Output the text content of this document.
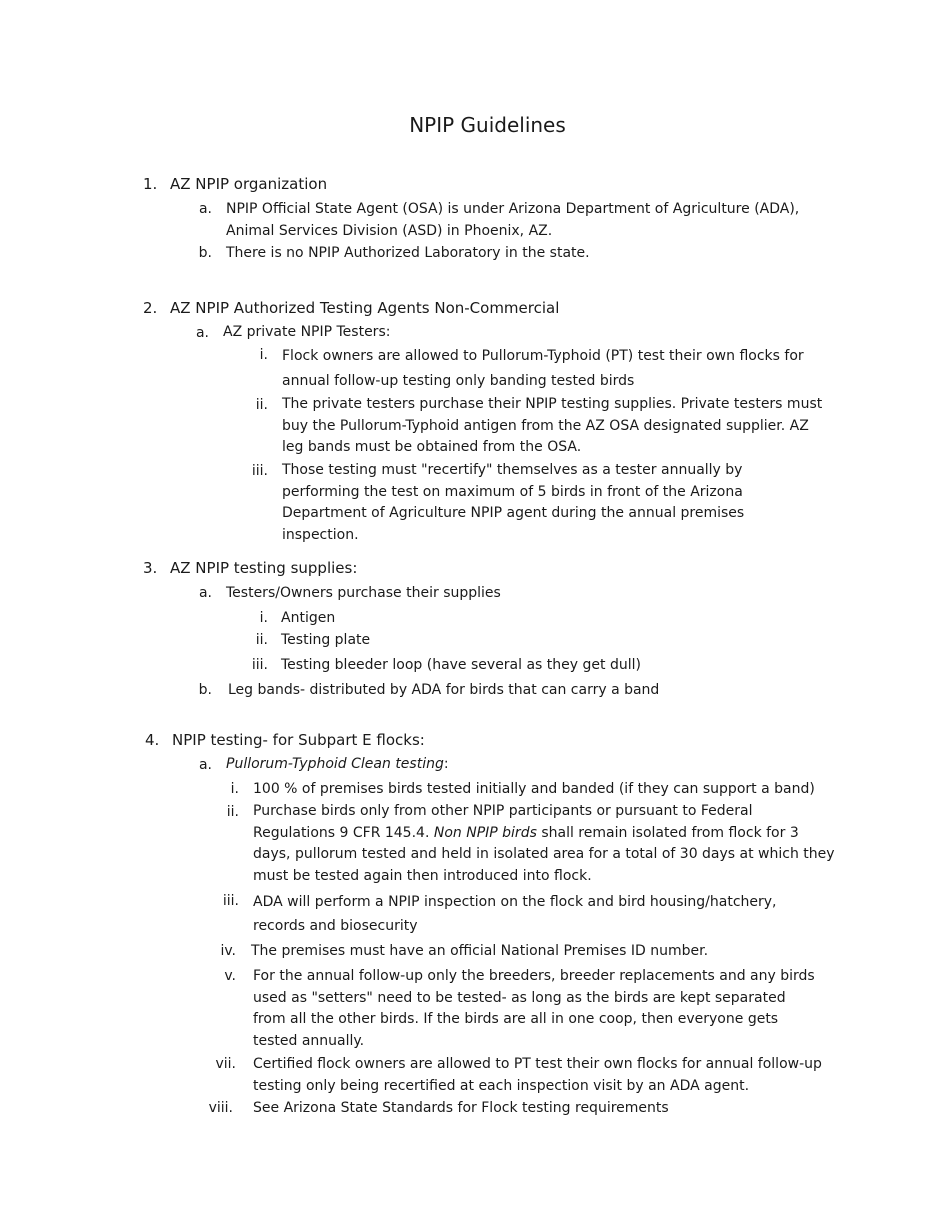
NPIP Guidelines
1. AZ NPIP organization
a. NPIP Official State Agent (OSA) is under Arizona Department of Agriculture (ADA), Animal Services Division (ASD) in Phoenix, AZ.
b. There is no NPIP Authorized Laboratory in the state.
2. AZ NPIP Authorized Testing Agents Non-Commercial
a. AZ private NPIP Testers:
i. Flock owners are allowed to Pullorum-Typhoid (PT) test their own flocks for annual follow-up testing only banding tested birds
ii. The private testers purchase their NPIP testing supplies. Private testers must buy the Pullorum-Typhoid antigen from the AZ OSA designated supplier. AZ leg bands must be obtained from the OSA.
iii. Those testing must "recertify" themselves as a tester annually by performing the test on maximum of 5 birds in front of the Arizona Department of Agriculture NPIP agent during the annual premises inspection.
3. AZ NPIP testing supplies:
a. Testers/Owners purchase their supplies
i. Antigen
ii. Testing plate
iii. Testing bleeder loop (have several as they get dull)
b. Leg bands- distributed by ADA for birds that can carry a band
4. NPIP testing- for Subpart E flocks:
a. Pullorum-Typhoid Clean testing:
i. 100 % of premises birds tested initially and banded (if they can support a band)
ii. Purchase birds only from other NPIP participants or pursuant to Federal Regulations 9 CFR 145.4. Non NPIP birds shall remain isolated from flock for 3 days, pullorum tested and held in isolated area for a total of 30 days at which they must be tested again then introduced into flock.
iii. ADA will perform a NPIP inspection on the flock and bird housing/hatchery, records and biosecurity
iv. The premises must have an official National Premises ID number.
v. For the annual follow-up only the breeders, breeder replacements and any birds used as "setters" need to be tested- as long as the birds are kept separated from all the other birds. If the birds are all in one coop, then everyone gets tested annually.
vii. Certified flock owners are allowed to PT test their own flocks for annual follow-up testing only being recertified at each inspection visit by an ADA agent.
viii. See Arizona State Standards for Flock testing requirements
